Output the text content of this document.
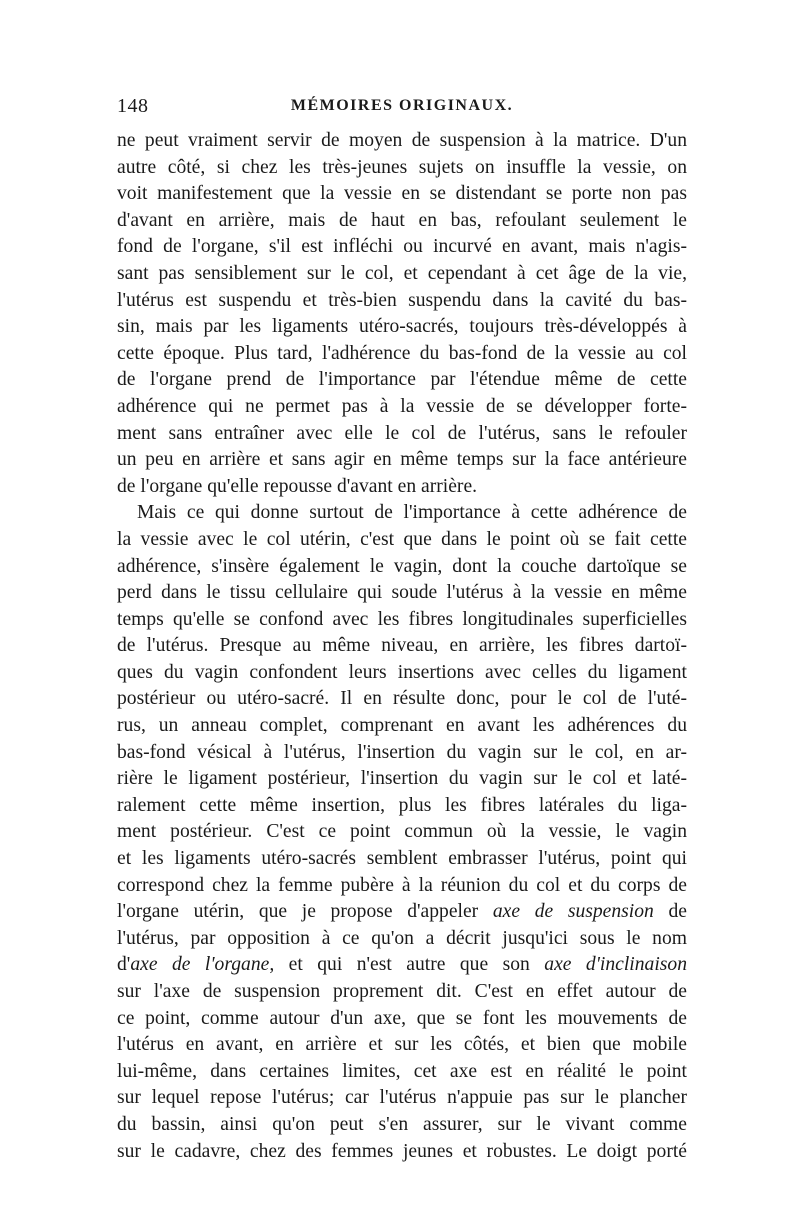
148	MÉMOIRES ORIGINAUX.
ne peut vraiment servir de moyen de suspension à la matrice. D'un
autre côté, si chez les très-jeunes sujets on insuffle la vessie, on
voit manifestement que la vessie en se distendant se porte non pas
d'avant en arrière, mais de haut en bas, refoulant seulement le
fond de l'organe, s'il est infléchi ou incurvé en avant, mais n'agis-
sant pas sensiblement sur le col, et cependant à cet âge de la vie,
l'utérus est suspendu et très-bien suspendu dans la cavité du bas-
sin, mais par les ligaments utéro-sacrés, toujours très-développés à
cette époque. Plus tard, l'adhérence du bas-fond de la vessie au col
de l'organe prend de l'importance par l'étendue même de cette
adhérence qui ne permet pas à la vessie de se développer forte-
ment sans entraîner avec elle le col de l'utérus, sans le refouler
un peu en arrière et sans agir en même temps sur la face antérieure
de l'organe qu'elle repousse d'avant en arrière.
Mais ce qui donne surtout de l'importance à cette adhérence de
la vessie avec le col utérin, c'est que dans le point où se fait cette
adhérence, s'insère également le vagin, dont la couche dartoïque se
perd dans le tissu cellulaire qui soude l'utérus à la vessie en même
temps qu'elle se confond avec les fibres longitudinales superficielles
de l'utérus. Presque au même niveau, en arrière, les fibres dartoï-
ques du vagin confondent leurs insertions avec celles du ligament
postérieur ou utéro-sacré. Il en résulte donc, pour le col de l'uté-
rus, un anneau complet, comprenant en avant les adhérences du
bas-fond vésical à l'utérus, l'insertion du vagin sur le col, en ar-
rière le ligament postérieur, l'insertion du vagin sur le col et laté-
ralement cette même insertion, plus les fibres latérales du liga-
ment postérieur. C'est ce point commun où la vessie, le vagin
et les ligaments utéro-sacrés semblent embrasser l'utérus, point qui
correspond chez la femme pubère à la réunion du col et du corps de
l'organe utérin, que je propose d'appeler axe de suspension de
l'utérus, par opposition à ce qu'on a décrit jusqu'ici sous le nom
d'axe de l'organe, et qui n'est autre que son axe d'inclinaison
sur l'axe de suspension proprement dit. C'est en effet autour de
ce point, comme autour d'un axe, que se font les mouvements de
l'utérus en avant, en arrière et sur les côtés, et bien que mobile
lui-même, dans certaines limites, cet axe est en réalité le point
sur lequel repose l'utérus; car l'utérus n'appuie pas sur le plancher
du bassin, ainsi qu'on peut s'en assurer, sur le vivant comme
sur le cadavre, chez des femmes jeunes et robustes. Le doigt porté
